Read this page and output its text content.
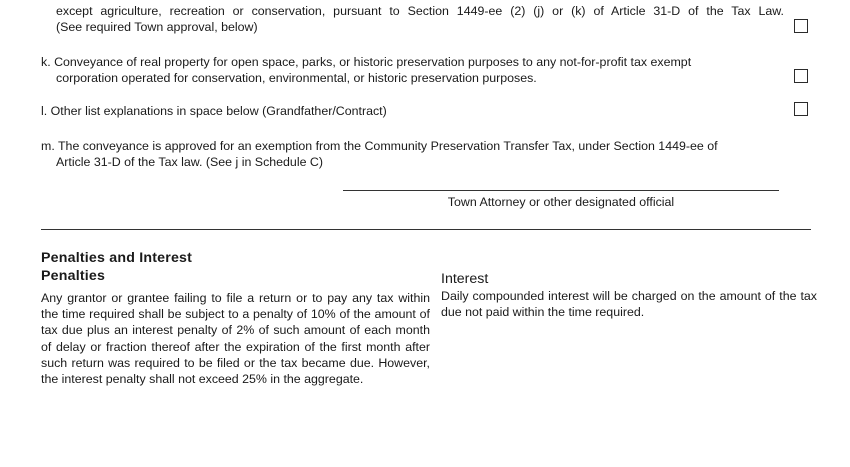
except agriculture, recreation or conservation, pursuant to Section 1449-ee (2) (j) or (k) of Article 31-D of the Tax Law.
(See required Town approval, below)
k. Conveyance of real property for open space, parks, or historic preservation purposes to any not-for-profit tax exempt
corporation operated for conservation, environmental, or historic preservation purposes.
l. Other list explanations in space below (Grandfather/Contract)
m. The conveyance is approved for an exemption from the Community Preservation Transfer Tax, under Section 1449-ee of
Article 31-D of the Tax law. (See j in Schedule C)
Town Attorney or other designated official
Penalties and Interest
Penalties
Any grantor or grantee failing to file a return or to pay any tax within the time required shall be subject to a penalty of 10% of the amount of tax due plus an interest penalty of 2% of such amount of each month of delay or fraction thereof after the expiration of the first month after such return was required to be filed or the tax became due. However, the interest penalty shall not exceed 25% in the aggregate.
Interest
Daily compounded interest will be charged on the amount of the tax due not paid within the time required.
